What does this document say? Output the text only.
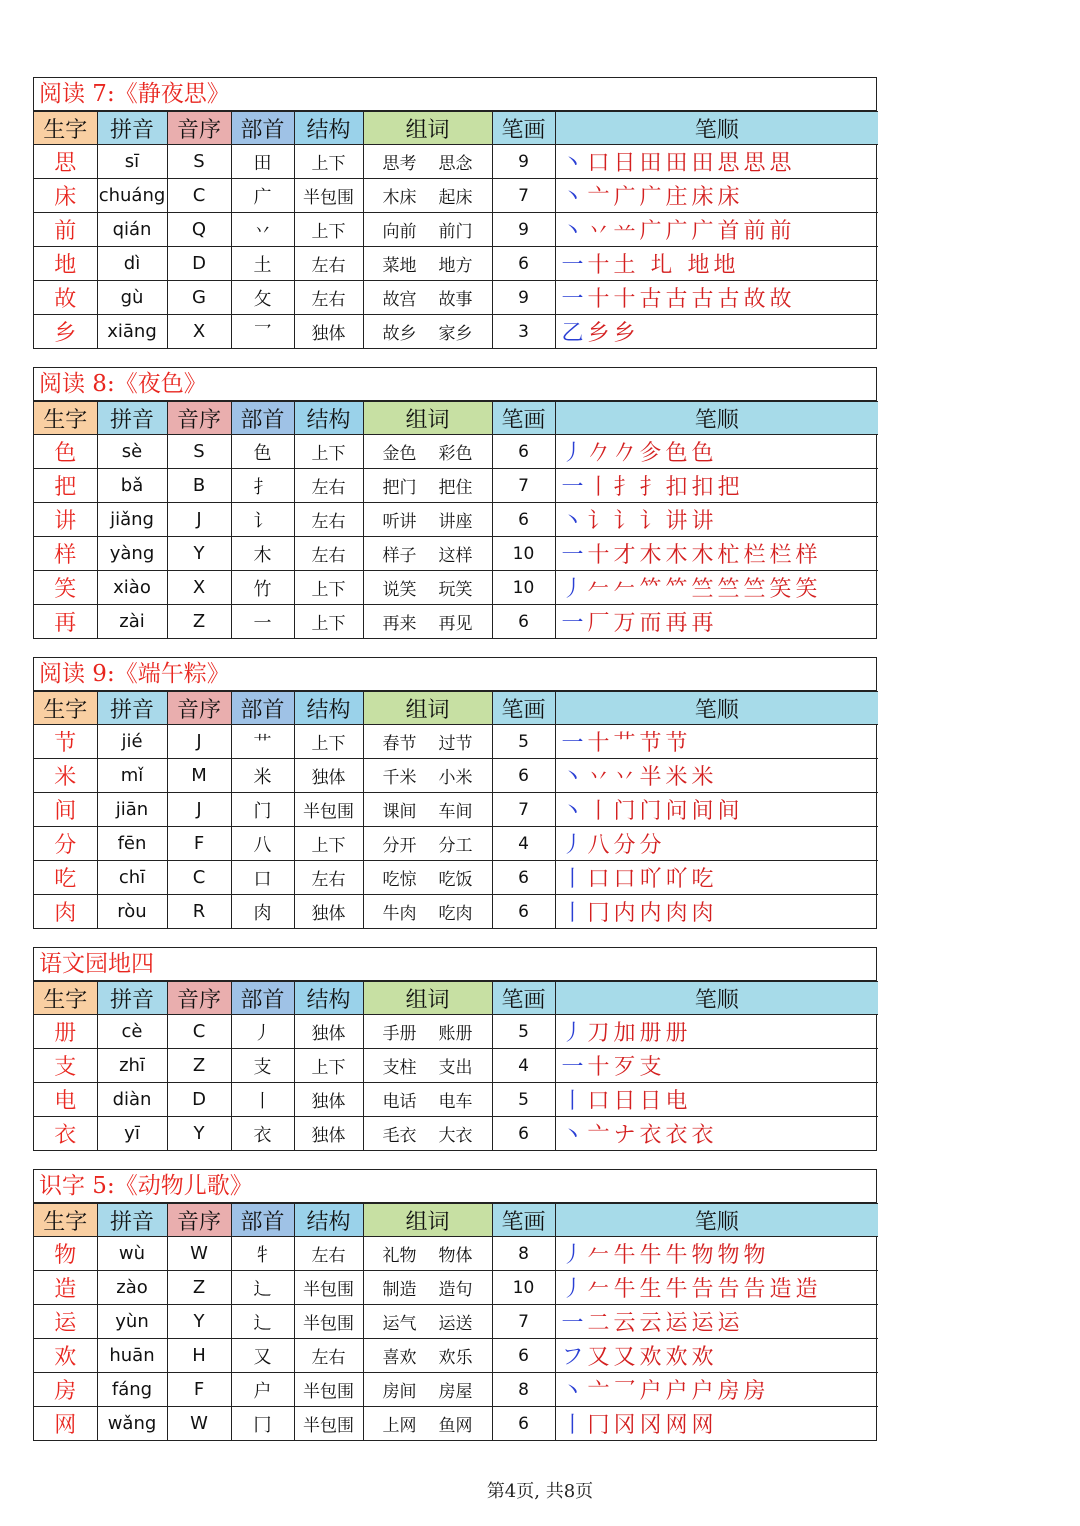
阅读 7:《静夜思》
生字	拼音	音序	部首	结构	组词	笔画	笔顺
思	sī	S	田	上下	思考 思念	9	丶口日田田田思思思
床	chuáng	C	广	半包围	木床 起床	7	丶亠广广庄床床
前	qián	Q	丷	上下	向前 前门	9	丶丷䒑广广广首前前
地	dì	D	土	左右	菜地 地方	6	一十土 圠 地地
故	gù	G	攵	左右	故宫 故事	9	一十十古古古古故故
乡	xiāng	X	乛	独体	故乡 家乡	3	乙乡乡
阅读 8:《夜色》
生字	拼音	音序	部首	结构	组词	笔画	笔顺
色	sè	S	色	上下	金色 彩色	6	丿𠂊𠂊㐱色色
把	bǎ	B	扌	左右	把门 把住	7	一丨扌扌扣扣把
讲	jiǎng	J	讠	左右	听讲 讲座	6	丶讠讠讠讲讲
样	yàng	Y	木	左右	样子 这样	10	一十才木木木杧栏栏样
笑	xiào	X	竹	上下	说笑 玩笑	10	丿𠂉𠂉𥫗𥫗竺竺竺笑笑
再	zài	Z	一	上下	再来 再见	6	一厂万而再再
阅读 9:《端午粽》
生字	拼音	音序	部首	结构	组词	笔画	笔顺
节	jié	J	艹	上下	春节 过节	5	一十艹节节
米	mǐ	M	米	独体	千米 小米	6	丶丷丷半米米
间	jiān	J	门	半包围	课间 车间	7	丶丨门门问间间
分	fēn	F	八	上下	分开 分工	4	丿八分分
吃	chī	C	口	左右	吃惊 吃饭	6	丨口口吖吖吃
肉	ròu	R	肉	独体	牛肉 吃肉	6	丨冂内内肉肉
语文园地四
生字	拼音	音序	部首	结构	组词	笔画	笔顺
册	cè	C	丿	独体	手册 账册	5	丿刀加册册
支	zhī	Z	支	上下	支柱 支出	4	一十歹支
电	diàn	D	丨	独体	电话 电车	5	丨口日日电
衣	yī	Y	衣	独体	毛衣 大衣	6	丶亠ナ衣衣衣
识字 5:《动物儿歌》
生字	拼音	音序	部首	结构	组词	笔画	笔顺
物	wù	W	牜	左右	礼物 物体	8	丿𠂉牛牛牛物物物
造	zào	Z	辶	半包围	制造 造句	10	丿𠂉牛生牛告告告造造
运	yùn	Y	辶	半包围	运气 运送	7	一二云云运运运
欢	huān	H	又	左右	喜欢 欢乐	6	フ又又欢欢欢
房	fáng	F	户	半包围	房间 房屋	8	丶亠乛户户户房房
网	wǎng	W	冂	半包围	上网 鱼网	6	丨冂冈冈网网
第4页, 共8页
